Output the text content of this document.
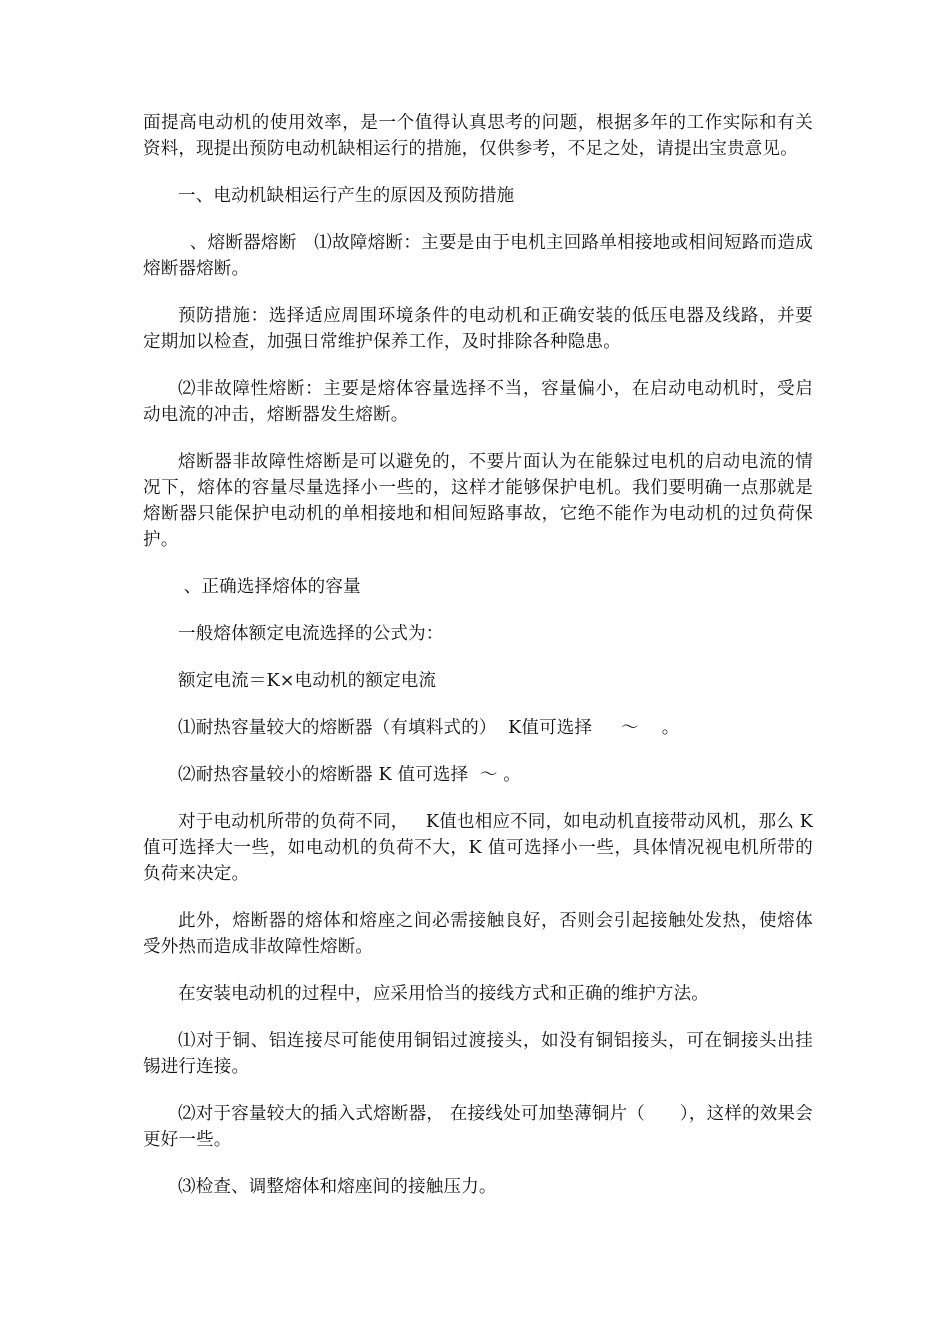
面提高电动机的使用效率，是一个值得认真思考的问题，根据多年的工作实际和有关资料，现提出预防电动机缺相运行的措施，仅供参考，不足之处，请提出宝贵意见。

一、电动机缺相运行产生的原因及预防措施

、熔断器熔断   ⑴故障熔断：主要是由于电机主回路单相接地或相间短路而造成熔断器熔断。

预防措施：选择适应周围环境条件的电动机和正确安装的低压电器及线路，并要定期加以检查，加强日常维护保养工作，及时排除各种隐患。

⑵非故障性熔断：主要是熔体容量选择不当，容量偏小，在启动电动机时，受启动电流的冲击，熔断器发生熔断。

熔断器非故障性熔断是可以避免的，不要片面认为在能躲过电机的启动电流的情况下，熔体的容量尽量选择小一些的，这样才能够保护电机。我们要明确一点那就是熔断器只能保护电动机的单相接地和相间短路事故，它绝不能作为电动机的过负荷保护。

、正确选择熔体的容量

一般熔体额定电流选择的公式为：

额定电流＝K×电动机的额定电流

⑴耐热容量较大的熔断器（有填料式的）  K值可选择     ～    。

⑵耐热容量较小的熔断器 K 值可选择  ～ 。

对于电动机所带的负荷不同，   K值也相应不同，如电动机直接带动风机，那么 K 值可选择大一些，如电动机的负荷不大，K 值可选择小一些，具体情况视电机所带的负荷来决定。

此外，熔断器的熔体和熔座之间必需接触良好，否则会引起接触处发热，使熔体受外热而造成非故障性熔断。

在安装电动机的过程中，应采用恰当的接线方式和正确的维护方法。

⑴对于铜、铝连接尽可能使用铜铝过渡接头，如没有铜铝接头，可在铜接头出挂锡进行连接。

⑵对于容量较大的插入式熔断器， 在接线处可加垫薄铜片（      ），这样的效果会更好一些。

⑶检查、调整熔体和熔座间的接触压力。
